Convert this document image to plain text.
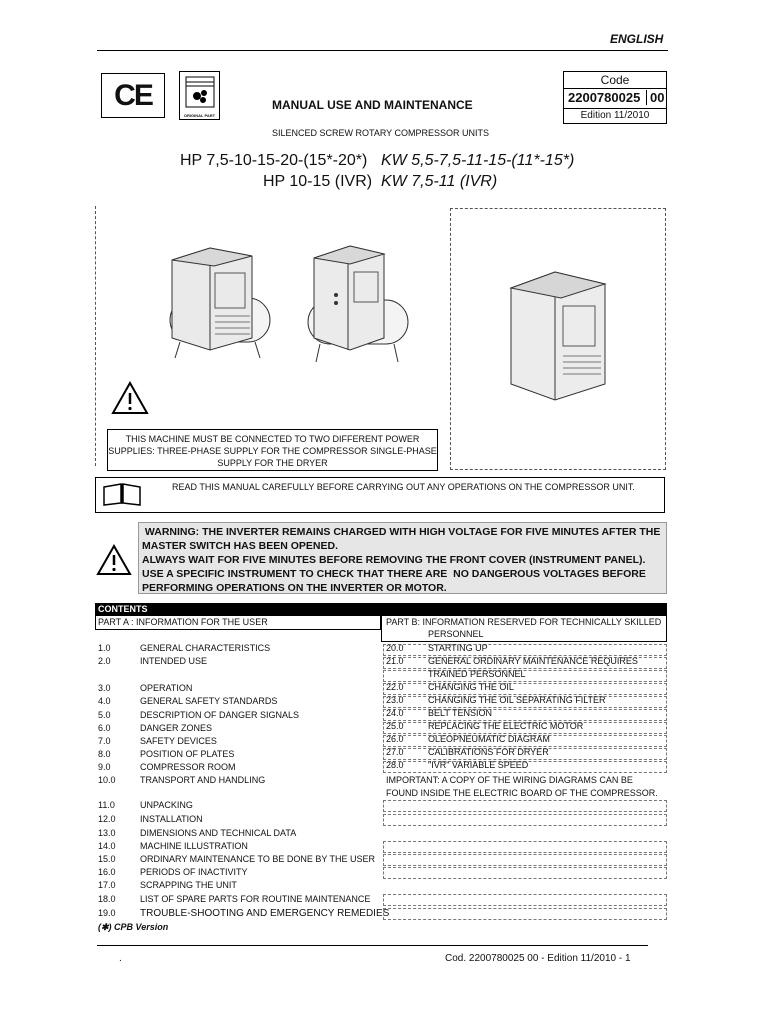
ENGLISH
CE
ORIGINAL PART
Code
2200780025 00
Edition 11/2010
MANUAL USE AND MAINTENANCE
SILENCED SCREW ROTARY COMPRESSOR UNITS
HP 7,5-10-15-20-(15*-20*) KW 5,5-7,5-11-15-(11*-15*)
HP 10-15 (IVR) KW 7,5-11 (IVR)
THIS MACHINE MUST BE CONNECTED TO TWO DIFFERENT POWER SUPPLIES: THREE-PHASE SUPPLY FOR THE COMPRESSOR SINGLE-PHASE SUPPLY FOR THE DRYER
READ THIS MANUAL CAREFULLY BEFORE CARRYING OUT ANY OPERATIONS ON THE COMPRESSOR UNIT.
WARNING: THE INVERTER REMAINS CHARGED WITH HIGH VOLTAGE FOR FIVE MINUTES AFTER THE
MASTER SWITCH HAS BEEN OPENED.
ALWAYS WAIT FOR FIVE MINUTES BEFORE REMOVING THE FRONT COVER (INSTRUMENT PANEL).
USE A SPECIFIC INSTRUMENT TO CHECK THAT THERE ARE  NO DANGEROUS VOLTAGES BEFORE
PERFORMING OPERATIONS ON THE INVERTER OR MOTOR.
CONTENTS
PART A : INFORMATION FOR THE USER	PART B: INFORMATION RESERVED FOR TECHNICALLY SKILLED
PERSONNEL
1.0	GENERAL CHARACTERISTICS
2.0	INTENDED USE
3.0	OPERATION
4.0	GENERAL SAFETY STANDARDS
5.0	DESCRIPTION OF DANGER SIGNALS
6.0	DANGER ZONES
7.0	SAFETY DEVICES
8.0	POSITION OF PLATES
9.0	COMPRESSOR ROOM
10.0	TRANSPORT AND HANDLING
11.0	UNPACKING
12.0	INSTALLATION
13.0	DIMENSIONS AND TECHNICAL DATA
14.0	MACHINE ILLUSTRATION
15.0	ORDINARY MAINTENANCE TO BE DONE BY THE USER
16.0	PERIODS OF INACTIVITY
17.0	SCRAPPING THE UNIT
18.0	LIST OF SPARE PARTS FOR ROUTINE MAINTENANCE
19.0 TROUBLE-SHOOTING AND EMERGENCY REMEDIES
20.0	STARTING UP
21.0	GENERAL ORDINARY MAINTENANCE REQUIRES
TRAINED PERSONNEL
22.0	CHANGING THE OIL
23.0	CHANGING THE OIL SEPARATING FILTER
24.0	BELT TENSION
25.0	REPLACING THE ELECTRIC MOTOR
26.0	OLEOPNEUMATIC DIAGRAM
27.0	CALIBRATIONS FOR DRYER
28.0	"IVR" VARIABLE SPEED
IMPORTANT: A COPY OF THE WIRING DIAGRAMS CAN BE
FOUND INSIDE THE ELECTRIC BOARD OF THE COMPRESSOR.
(✱) CPB Version
.	Cod. 2200780025 00 - Edition 11/2010 - 1
